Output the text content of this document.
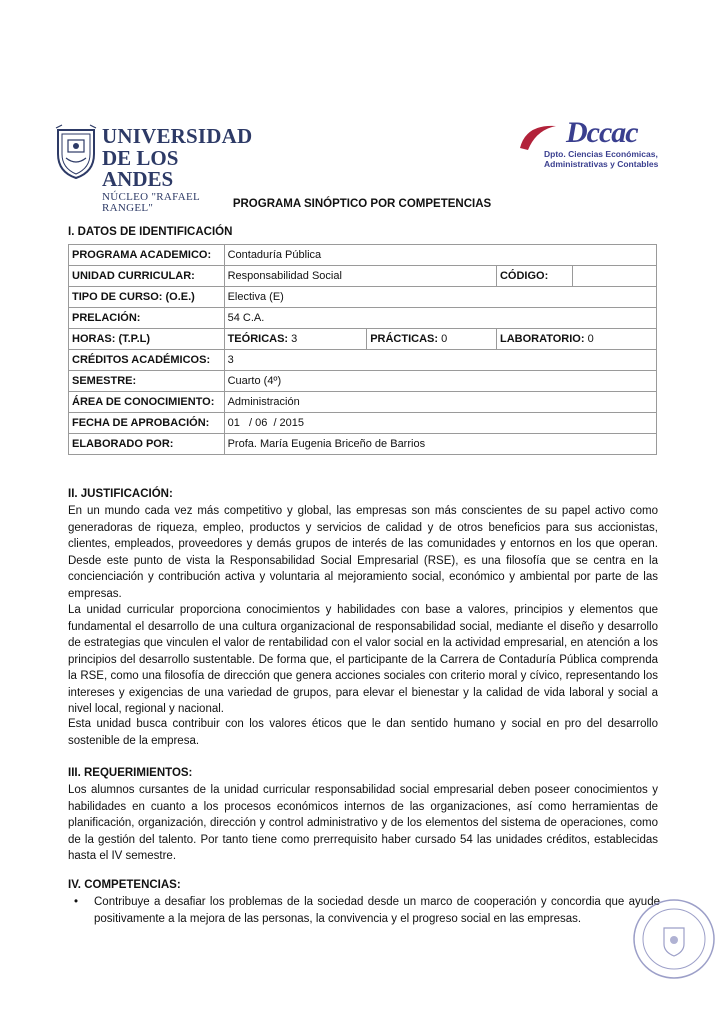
UNIVERSIDAD
DE LOS ANDES
NÚCLEO "RAFAEL RANGEL"
Dccac
Dpto. Ciencias Económicas,
Administrativas y Contables
PROGRAMA SINÓPTICO POR COMPETENCIAS
I. DATOS DE IDENTIFICACIÓN
PROGRAMA ACADEMICO:	Contaduría Pública			
UNIDAD CURRICULAR:	Responsabilidad Social		CÓDIGO:	
TIPO DE CURSO: (O.E.)	Electiva (E)			
PRELACIÓN:	54 C.A.			
HORAS: (T.P.L)	TEÓRICAS: 3	PRÁCTICAS: 0	LABORATORIO: 0	
CRÉDITOS ACADÉMICOS:	3			
SEMESTRE:	Cuarto (4º)			
ÁREA DE CONOCIMIENTO:	Administración			
FECHA DE APROBACIÓN:	01   / 06  / 2015			
ELABORADO POR:	Profa. María Eugenia Briceño de Barrios			
II. JUSTIFICACIÓN:
En un mundo cada vez más competitivo y global, las empresas son más conscientes de su papel activo como generadoras de riqueza, empleo, productos y servicios de calidad y de otros beneficios para sus accionistas, clientes, empleados, proveedores y demás grupos de interés de las comunidades y entornos en los que operan. Desde este punto de vista la Responsabilidad Social Empresarial (RSE), es una filosofía que se centra en la concienciación y contribución activa y voluntaria al mejoramiento social, económico y ambiental por parte de las empresas.
La unidad curricular proporciona conocimientos y habilidades con base a valores, principios y elementos que fundamental el desarrollo de una cultura organizacional de responsabilidad social, mediante el diseño y desarrollo de estrategias que vinculen el valor de rentabilidad con el valor social en la actividad empresarial, en atención a los principios del desarrollo sustentable. De forma que, el participante de la Carrera de Contaduría Pública comprenda la RSE, como una filosofía de dirección que genera acciones sociales con criterio moral y cívico, representando los intereses y exigencias de una variedad de grupos, para elevar el bienestar y la calidad de vida laboral y social a nivel local, regional y nacional.
Esta unidad busca contribuir con los valores éticos que le dan sentido humano y social en pro del desarrollo sostenible de la empresa.
III. REQUERIMIENTOS:
Los alumnos cursantes de la unidad curricular responsabilidad social empresarial deben poseer conocimientos y habilidades en cuanto a los procesos económicos internos de las organizaciones, así como herramientas de planificación, organización, dirección y control administrativo y de los elementos del sistema de operaciones, como de la gestión del talento. Por tanto tiene como prerrequisito haber cursado 54 las unidades créditos, establecidas hasta el IV semestre.
IV. COMPETENCIAS:
• Contribuye a desafiar los problemas de la sociedad desde un marco de cooperación y concordia que ayude positivamente a la mejora de las personas, la convivencia y el progreso social en las empresas.
